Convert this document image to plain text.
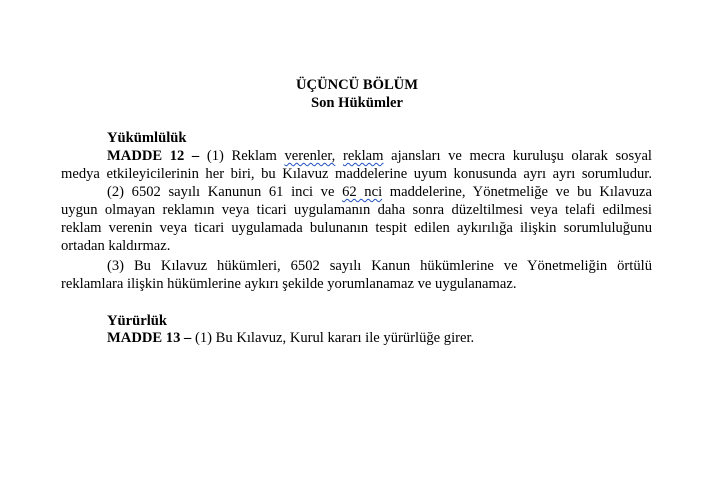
ÜÇÜNCÜ BÖLÜM
Son Hükümler
Yükümlülük
MADDE 12 – (1) Reklam verenler, reklam ajansları ve mecra kuruluşu olarak sosyal
medya etkileyicilerinin her biri, bu Kılavuz maddelerine uyum konusunda ayrı ayrı sorumludur.
(2) 6502 sayılı Kanunun 61 inci ve 62 nci maddelerine, Yönetmeliğe ve bu Kılavuza
uygun olmayan reklamın veya ticari uygulamanın daha sonra düzeltilmesi veya telafi edilmesi
reklam verenin veya ticari uygulamada bulunanın tespit edilen aykırılığa ilişkin sorumluluğunu
ortadan kaldırmaz.
(3) Bu Kılavuz hükümleri, 6502 sayılı Kanun hükümlerine ve Yönetmeliğin örtülü
reklamlara ilişkin hükümlerine aykırı şekilde yorumlanamaz ve uygulanamaz.
Yürürlük
MADDE 13 – (1) Bu Kılavuz, Kurul kararı ile yürürlüğe girer.
